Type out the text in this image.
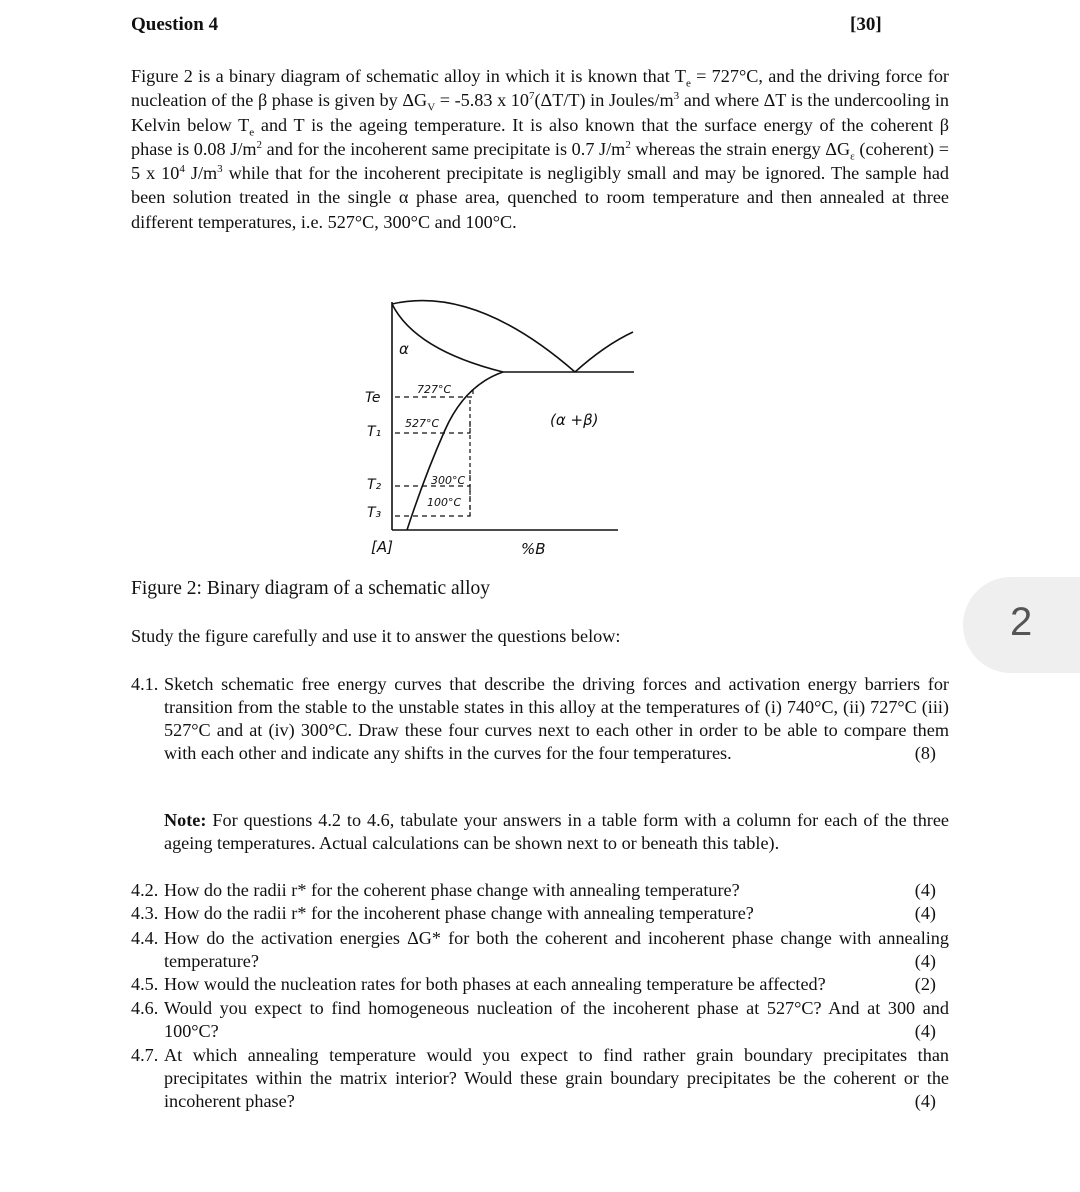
Question 4	[30]

Figure 2 is a binary diagram of schematic alloy in which it is known that $T_e = 727^\circ C$, and the driving force for nucleation of the β phase is given by $\Delta G_V = -5.83$ x $10^7(\Delta T/T)$ in Joules/$m^3$ and where ΔT is the undercooling in Kelvin below $T_e$ and T is the ageing temperature. It is also known that the surface energy of the coherent β phase is 0.08 $J/m^2$ and for the incoherent same precipitate is 0.7 $J/m^2$ whereas the strain energy $\Delta G_\varepsilon$ (coherent) = 5 x $10^4$ $J/m^3$ while that for the incoherent precipitate is negligibly small and may be ignored. The sample had been solution treated in the single α phase area, quenched to room temperature and then annealed at three different temperatures, i.e. 527°C, 300°C and 100°C.

α
(α +β)
Te
T₁
T₂
T₃
727°C
527°C
300°C
100°C
[A]	%B
Figure 2: Binary diagram of a schematic alloy
Study the figure carefully and use it to answer the questions below:	2
4.1. Sketch schematic free energy curves that describe the driving forces and activation energy barriers for transition from the stable to the unstable states in this alloy at the temperatures of (i) 740°C, (ii) 727°C (iii) 527°C and at (iv) 300°C. Draw these four curves next to each other in order to be able to compare them with each other and indicate any shifts in the curves for the four temperatures.	(8)
Note: For questions 4.2 to 4.6, tabulate your answers in a table form with a column for each of the three ageing temperatures. Actual calculations can be shown next to or beneath this table).
4.2. How do the radii r* for the coherent phase change with annealing temperature?	(4)
4.3. How do the radii r* for the incoherent phase change with annealing temperature?	(4)
4.4. How do the activation energies ΔG* for both the coherent and incoherent phase change with annealing temperature?	(4)
4.5. How would the nucleation rates for both phases at each annealing temperature be affected?	(2)
4.6. Would you expect to find homogeneous nucleation of the incoherent phase at 527°C? And at 300 and 100°C?	(4)
4.7. At which annealing temperature would you expect to find rather grain boundary precipitates than precipitates within the matrix interior? Would these grain boundary precipitates be the coherent or the incoherent phase?	(4)
